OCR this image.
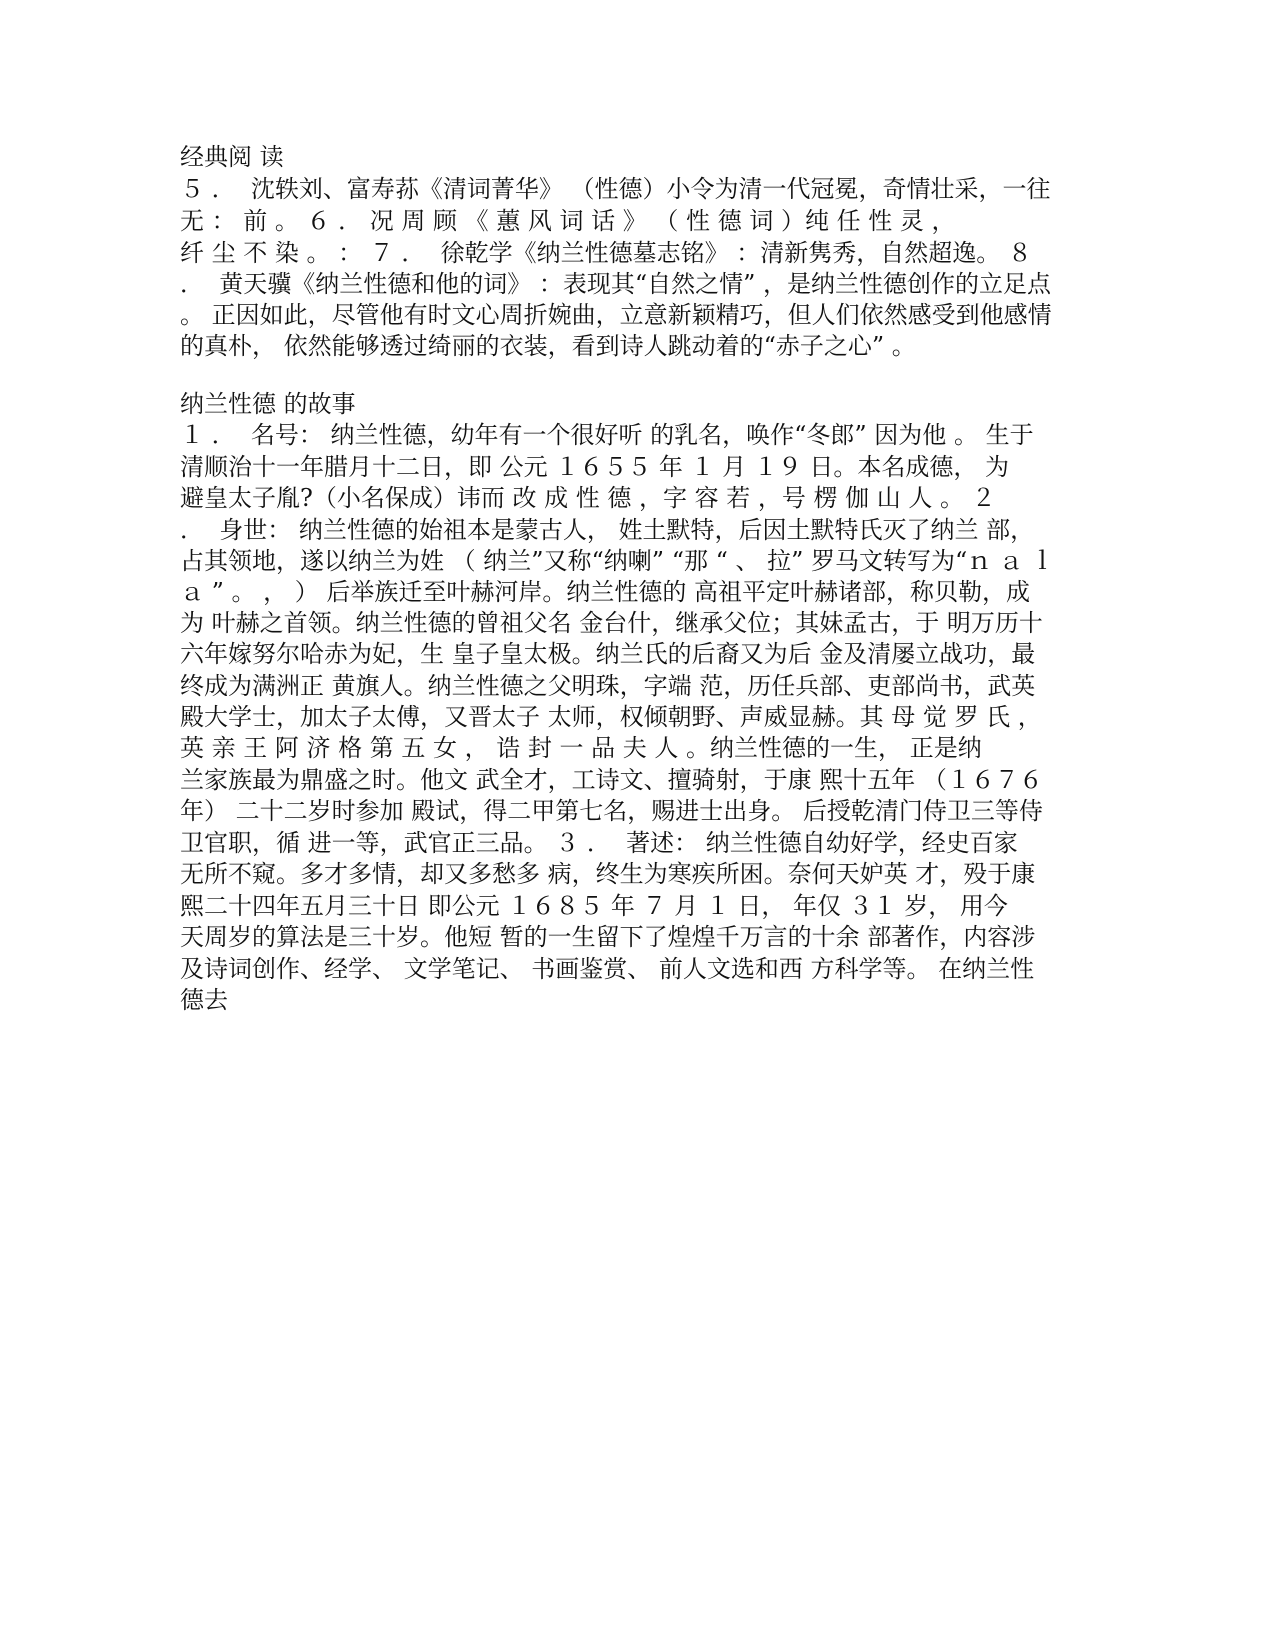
经典阅 读
５ ．  沈轶刘、富寿荪《清词菁华》 （性德）小令为清一代冠冕，奇情壮采，一往
无 ： 前 。 ６ ． 况 周 顾 《 蕙 风 词 话 》 （ 性 德 词 ）纯 任 性 灵 ，
纤 尘 不 染 。 ： ７ ．  徐乾学《纳兰性德墓志铭》 ：清新隽秀，自然超逸。 ８
．  黄天骥《纳兰性德和他的词》 ：表现其“自然之情” ，是纳兰性德创作的立足点
。 正因如此，尽管他有时文心周折婉曲，立意新颖精巧，但人们依然感受到他感情
的真朴， 依然能够透过绮丽的衣装，看到诗人跳动着的“赤子之心” 。
纳兰性德 的故事
１ ．  名号： 纳兰性德，幼年有一个很好听 的乳名，唤作“冬郎” 因为他 。 生于
清顺治十一年腊月十二日，即 公元 １６５５ 年 １ 月 １９ 日。本名成德， 为
避皇太子胤?（小名保成）讳而 改 成 性 德 ，字 容 若 ，号 楞 伽 山 人 。 ２
．  身世： 纳兰性德的始祖本是蒙古人， 姓土默特，后因土默特氏灭了纳兰 部，
占其领地，遂以纳兰为姓 （ 纳兰”又称“纳喇” “那 “ 、 拉” 罗马文转写为“ｎ ａ ｌ
ａ ” 。 ， ） 后举族迁至叶赫河岸。纳兰性德的 高祖平定叶赫诸部，称贝勒，成
为 叶赫之首领。纳兰性德的曾祖父名 金台什，继承父位；其妹孟古，于 明万历十
六年嫁努尔哈赤为妃，生 皇子皇太极。纳兰氏的后裔又为后 金及清屡立战功，最
终成为满洲正 黄旗人。纳兰性德之父明珠，字端 范，历任兵部、吏部尚书，武英
殿大学士，加太子太傅，又晋太子 太师，权倾朝野、声威显赫。其 母 觉 罗 氏 ，
英 亲 王 阿 济 格 第 五 女 ， 诰 封 一 品 夫 人 。纳兰性德的一生， 正是纳
兰家族最为鼎盛之时。他文 武全才，工诗文、擅骑射，于康 熙十五年 （１６７６
年） 二十二岁时参加 殿试，得二甲第七名，赐进士出身。 后授乾清门侍卫三等侍
卫官职，循 进一等，武官正三品。 ３ ．  著述： 纳兰性德自幼好学，经史百家
无所不窥。多才多情，却又多愁多 病，终生为寒疾所困。奈何天妒英 才，殁于康
熙二十四年五月三十日 即公元 １６８５ 年 ７ 月 １ 日， 年仅 ３１ 岁， 用今
天周岁的算法是三十岁。他短 暂的一生留下了煌煌千万言的十余 部著作，内容涉
及诗词创作、经学、 文学笔记、 书画鉴赏、 前人文选和西 方科学等。 在纳兰性
德去
